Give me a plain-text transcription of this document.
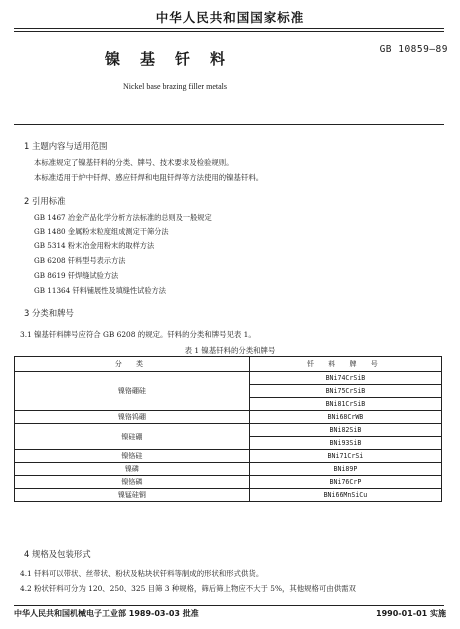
中华人民共和国国家标准
GB 10859—89
镍基钎料
Nickel base brazing filler metals
1 主题内容与适用范围
本标准规定了镍基钎料的分类、牌号、技术要求及检验规则。
本标准适用于炉中钎焊、感应钎焊和电阻钎焊等方法使用的镍基钎料。
2 引用标准
GB 1467 冶金产品化学分析方法标准的总则及一般规定
GB 1480 金属粉末粒度组成测定干筛分法
GB 5314 粉末冶金用粉末的取样方法
GB 6208 钎料型号表示方法
GB 8619 钎焊缝试验方法
GB 11364 钎料铺展性及填缝性试验方法
3 分类和牌号
3.1 镍基钎料牌号应符合 GB 6208 的规定。钎料的分类和牌号见表 1。
表 1 镍基钎料的分类和牌号
分 类	钎 料 牌 号
镍铬硼硅	BNi74CrSiB
	BNi75CrSiB
	BNi81CrSiB
镍铬钨硼	BNi68CrWB
镍硅硼	BNi82SiB
	BNi93SiB
镍铬硅	BNi71CrSi
镍磷	BNi89P
镍铬磷	BNi76CrP
镍锰硅铜	BNi66MnSiCu
4 规格及包装形式
4.1 钎料可以带状、丝带状、粉状及粘块状钎料等制成的形状和形式供货。
4.2 粉状钎料可分为 120、250、325 目筛 3 种规格，筛后筛上物应不大于 5%，其他规格可由供需双
中华人民共和国机械电子工业部 1989-03-03 批准	1990-01-01 实施
